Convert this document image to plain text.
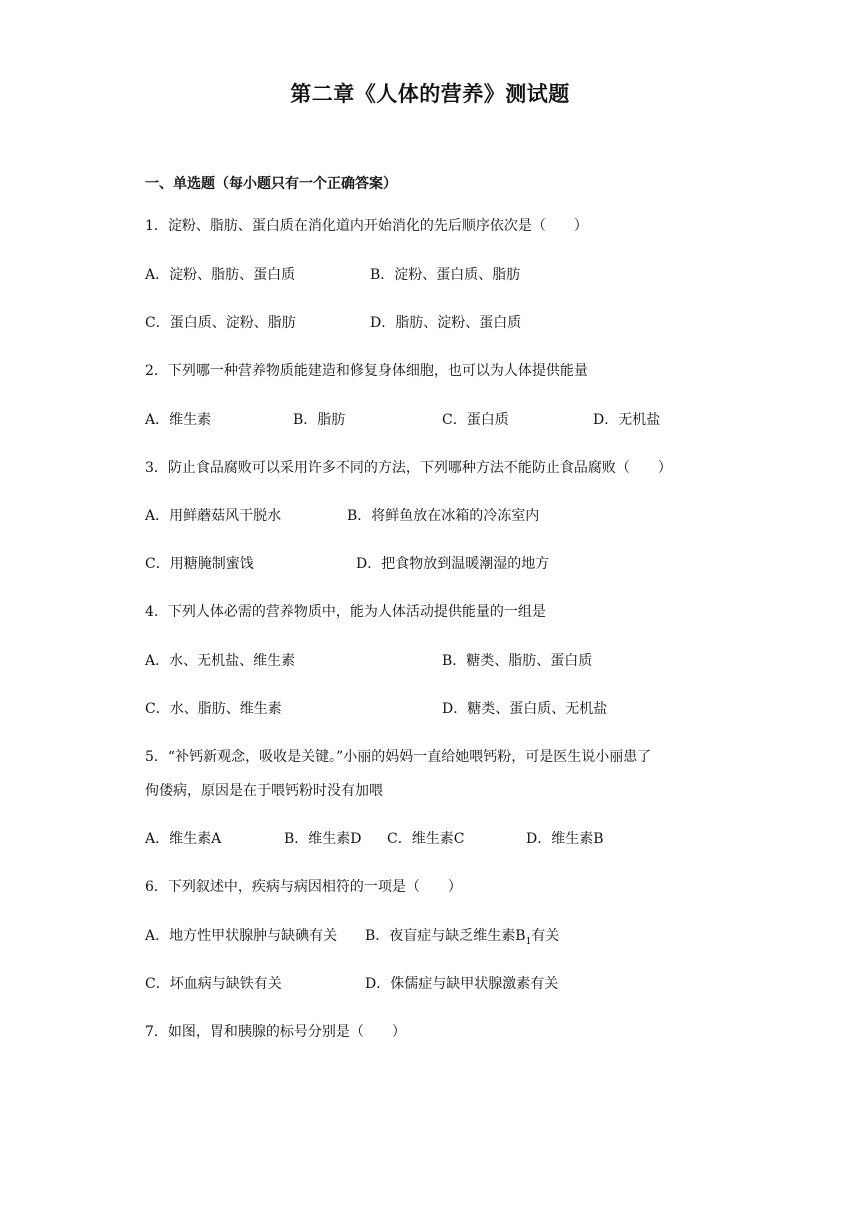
第二章《人体的营养》测试题
一、单选题（每小题只有一个正确答案）
1．淀粉、脂肪、蛋白质在消化道内开始消化的先后顺序依次是（　　）
A．淀粉、脂肪、蛋白质	B．淀粉、蛋白质、脂肪
C．蛋白质、淀粉、脂肪	D．脂肪、淀粉、蛋白质
2．下列哪一种营养物质能建造和修复身体细胞，也可以为人体提供能量
A．维生素	B．脂肪	C．蛋白质	D．无机盐
3．防止食品腐败可以采用许多不同的方法，下列哪种方法不能防止食品腐败（　　）
A．用鲜蘑菇风干脱水	B．将鲜鱼放在冰箱的冷冻室内
C．用糖腌制蜜饯	D．把食物放到温暖潮湿的地方
4．下列人体必需的营养物质中，能为人体活动提供能量的一组是
A．水、无机盐、维生素	B．糖类、脂肪、蛋白质
C．水、脂肪、维生素	D．糖类、蛋白质、无机盐
5．“补钙新观念，吸收是关键。”小丽的妈妈一直给她喂钙粉，可是医生说小丽患了
佝偻病，原因是在于喂钙粉时没有加喂
A．维生素A	B．维生素D C．维生素C	D．维生素B
6．下列叙述中，疾病与病因相符的一项是（　　）
A．地方性甲状腺肿与缺碘有关 B．夜盲症与缺乏维生素$B_1$有关
C．坏血病与缺铁有关	D．侏儒症与缺甲状腺激素有关
7．如图，胃和胰腺的标号分别是（　　）
